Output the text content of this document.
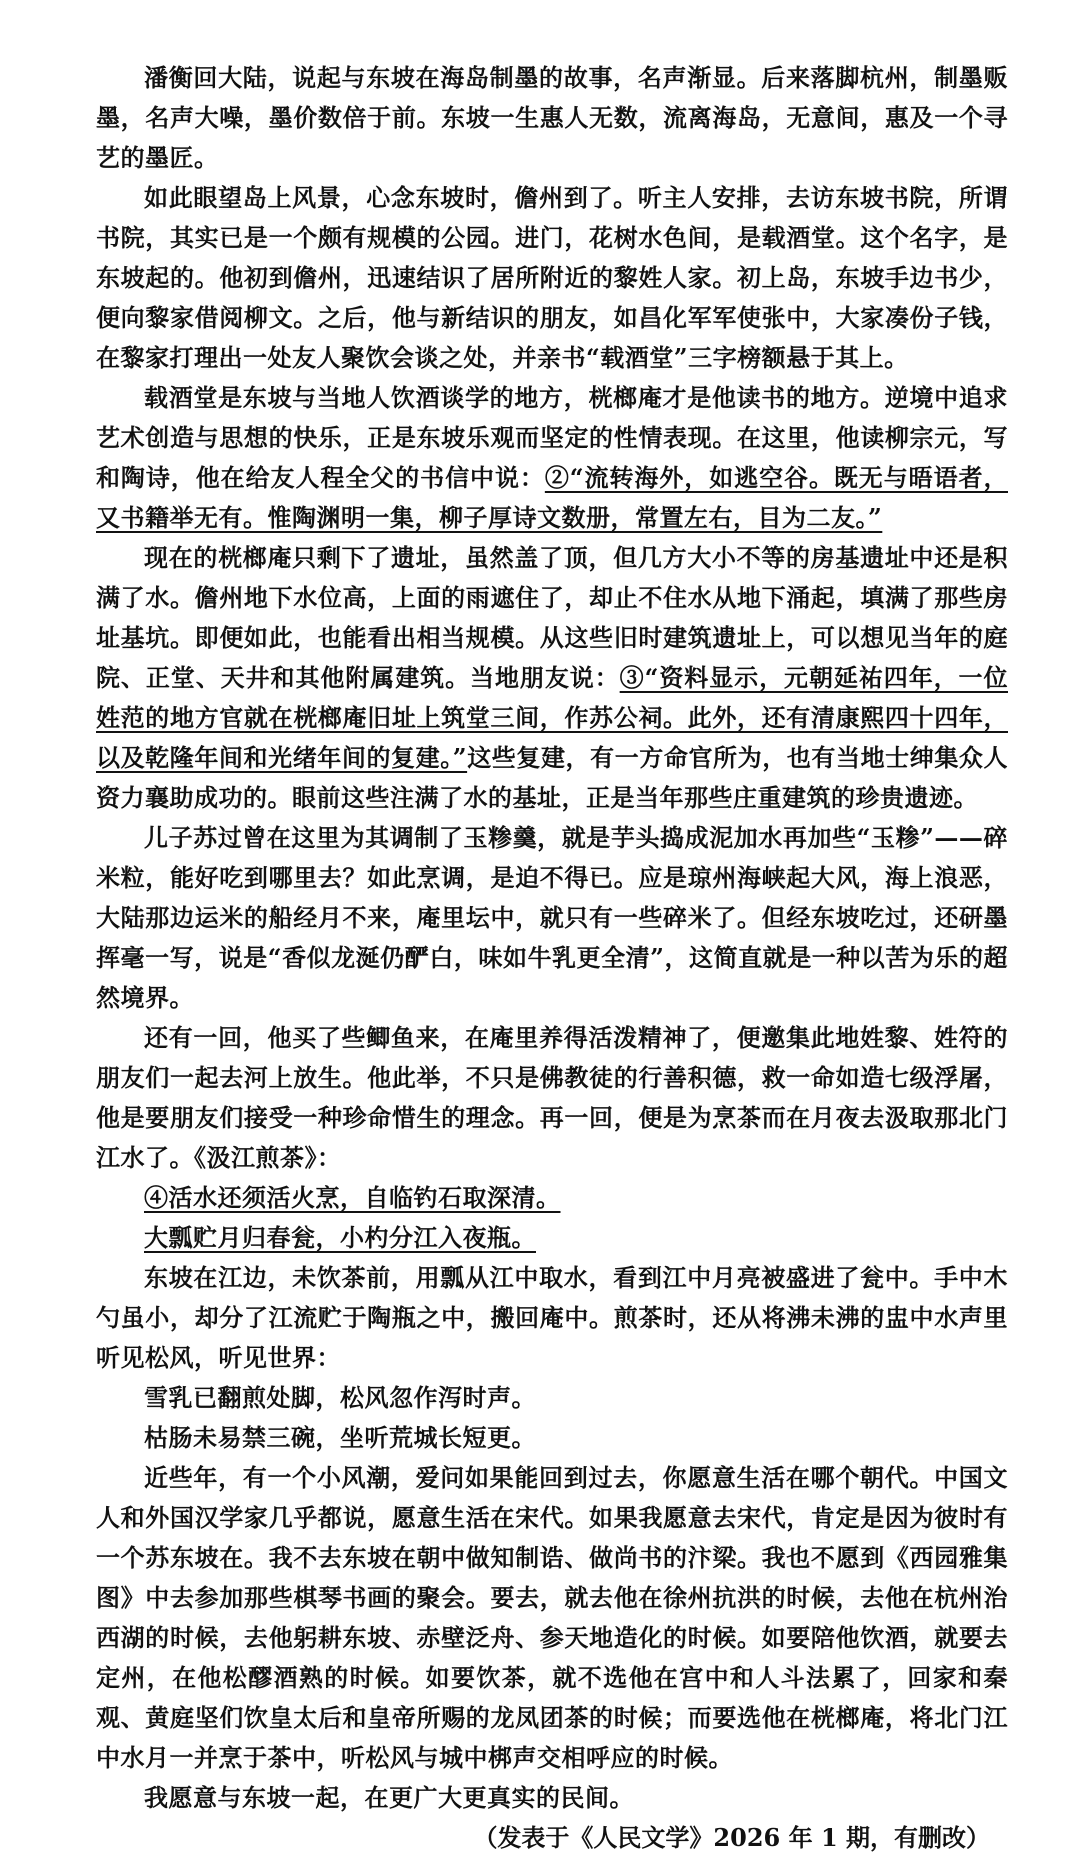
潘衡回大陆，说起与东坡在海岛制墨的故事，名声渐显。后来落脚杭州，制墨贩墨，名声大噪，墨价数倍于前。东坡一生惠人无数，流离海岛，无意间，惠及一个寻艺的墨匠。

如此眼望岛上风景，心念东坡时，儋州到了。听主人安排，去访东坡书院，所谓书院，其实已是一个颇有规模的公园。进门，花树水色间，是载酒堂。这个名字，是东坡起的。他初到儋州，迅速结识了居所附近的黎姓人家。初上岛，东坡手边书少，便向黎家借阅柳文。之后，他与新结识的朋友，如昌化军军使张中，大家凑份子钱，在黎家打理出一处友人聚饮会谈之处，并亲书“载酒堂”三字榜额悬于其上。

载酒堂是东坡与当地人饮酒谈学的地方，桄榔庵才是他读书的地方。逆境中追求艺术创造与思想的快乐，正是东坡乐观而坚定的性情表现。在这里，他读柳宗元，写和陶诗，他在给友人程全父的书信中说：②“流转海外，如逃空谷。既无与晤语者，又书籍举无有。惟陶渊明一集，柳子厚诗文数册，常置左右，目为二友。”

现在的桄榔庵只剩下了遗址，虽然盖了顶，但几方大小不等的房基遗址中还是积满了水。儋州地下水位高，上面的雨遮住了，却止不住水从地下涌起，填满了那些房址基坑。即便如此，也能看出相当规模。从这些旧时建筑遗址上，可以想见当年的庭院、正堂、天井和其他附属建筑。当地朋友说：③“资料显示，元朝延祐四年，一位姓范的地方官就在桄榔庵旧址上筑堂三间，作苏公祠。此外，还有清康熙四十四年，以及乾隆年间和光绪年间的复建。”这些复建，有一方命官所为，也有当地士绅集众人资力襄助成功的。眼前这些注满了水的基址，正是当年那些庄重建筑的珍贵遗迹。

儿子苏过曾在这里为其调制了玉糁羹，就是芋头捣成泥加水再加些“玉糁”——碎米粒，能好吃到哪里去？如此烹调，是迫不得已。应是琼州海峡起大风，海上浪恶，大陆那边运米的船经月不来，庵里坛中，就只有一些碎米了。但经东坡吃过，还研墨挥毫一写，说是“香似龙涎仍酽白，味如牛乳更全清”，这简直就是一种以苦为乐的超然境界。

还有一回，他买了些鲫鱼来，在庵里养得活泼精神了，便邀集此地姓黎、姓符的朋友们一起去河上放生。他此举，不只是佛教徒的行善积德，救一命如造七级浮屠，他是要朋友们接受一种珍命惜生的理念。再一回，便是为烹茶而在月夜去汲取那北门江水了。《汲江煎茶》：

④活水还须活火烹，自临钓石取深清。

大瓢贮月归春瓮，小杓分江入夜瓶。

东坡在江边，未饮茶前，用瓢从江中取水，看到江中月亮被盛进了瓮中。手中木勺虽小，却分了江流贮于陶瓶之中，搬回庵中。煎茶时，还从将沸未沸的盅中水声里听见松风，听见世界：

雪乳已翻煎处脚，松风忽作泻时声。

枯肠未易禁三碗，坐听荒城长短更。

近些年，有一个小风潮，爱问如果能回到过去，你愿意生活在哪个朝代。中国文人和外国汉学家几乎都说，愿意生活在宋代。如果我愿意去宋代，肯定是因为彼时有一个苏东坡在。我不去东坡在朝中做知制诰、做尚书的汴梁。我也不愿到《西园雅集图》中去参加那些棋琴书画的聚会。要去，就去他在徐州抗洪的时候，去他在杭州治西湖的时候，去他躬耕东坡、赤壁泛舟、参天地造化的时候。如要陪他饮酒，就要去定州，在他松醪酒熟的时候。如要饮茶，就不选他在宫中和人斗法累了，回家和秦观、黄庭坚们饮皇太后和皇帝所赐的龙凤团茶的时候；而要选他在桄榔庵，将北门江中水月一并烹于茶中，听松风与城中梆声交相呼应的时候。

我愿意与东坡一起，在更广大更真实的民间。

（发表于《人民文学》2026 年 1 期，有删改）
